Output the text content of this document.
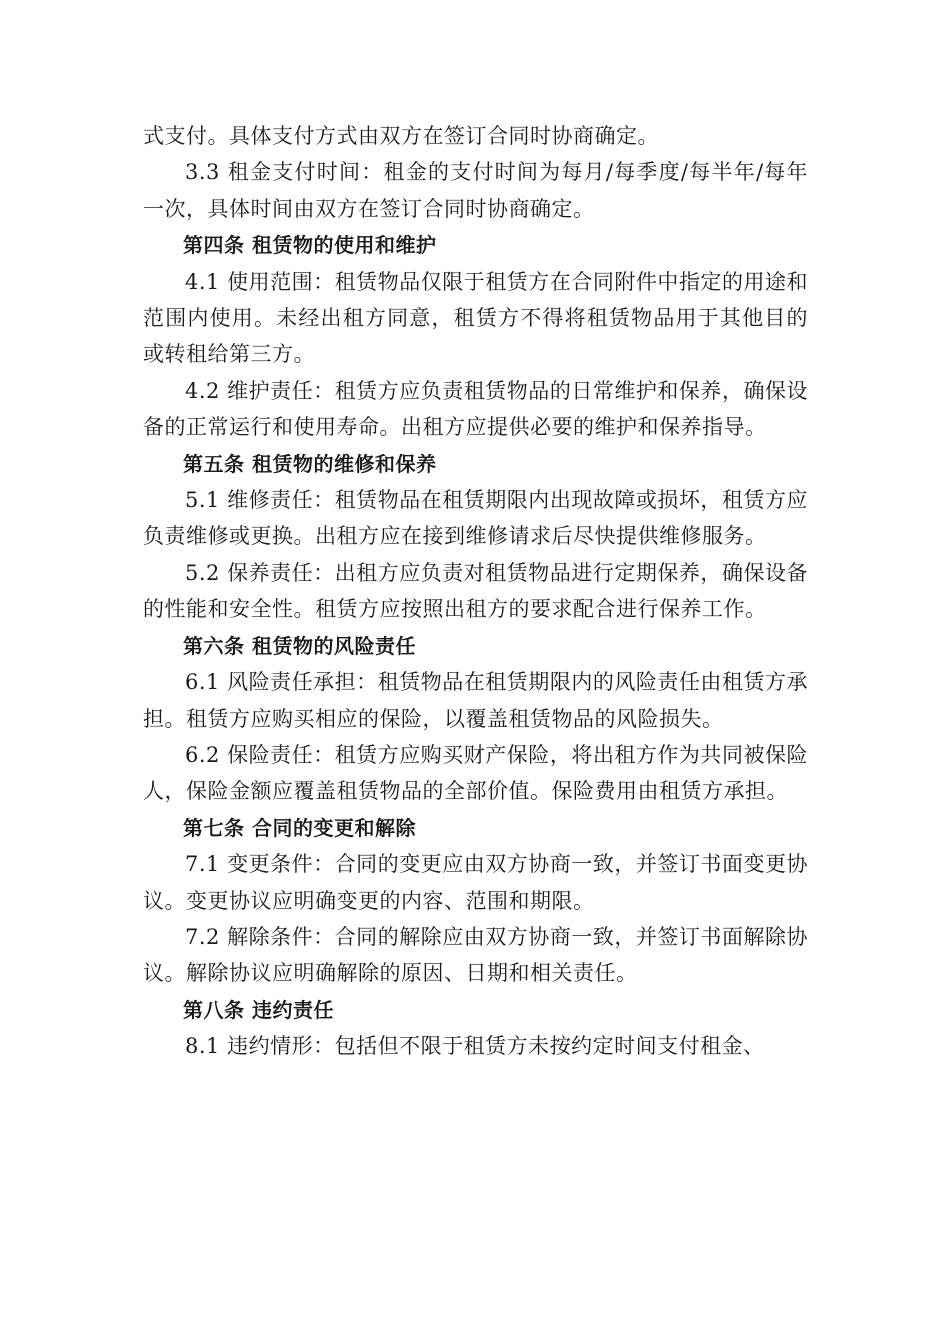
式支付。具体支付方式由双方在签订合同时协商确定。

3.3 租金支付时间：租金的支付时间为每月/每季度/每半年/每年一次，具体时间由双方在签订合同时协商确定。

第四条 租赁物的使用和维护

4.1 使用范围：租赁物品仅限于租赁方在合同附件中指定的用途和范围内使用。未经出租方同意，租赁方不得将租赁物品用于其他目的或转租给第三方。

4.2 维护责任：租赁方应负责租赁物品的日常维护和保养，确保设备的正常运行和使用寿命。出租方应提供必要的维护和保养指导。

第五条 租赁物的维修和保养

5.1 维修责任：租赁物品在租赁期限内出现故障或损坏，租赁方应负责维修或更换。出租方应在接到维修请求后尽快提供维修服务。

5.2 保养责任：出租方应负责对租赁物品进行定期保养，确保设备的性能和安全性。租赁方应按照出租方的要求配合进行保养工作。

第六条 租赁物的风险责任

6.1 风险责任承担：租赁物品在租赁期限内的风险责任由租赁方承担。租赁方应购买相应的保险，以覆盖租赁物品的风险损失。

6.2 保险责任：租赁方应购买财产保险，将出租方作为共同被保险人，保险金额应覆盖租赁物品的全部价值。保险费用由租赁方承担。

第七条 合同的变更和解除

7.1 变更条件：合同的变更应由双方协商一致，并签订书面变更协议。变更协议应明确变更的内容、范围和期限。

7.2 解除条件：合同的解除应由双方协商一致，并签订书面解除协议。解除协议应明确解除的原因、日期和相关责任。

第八条 违约责任

8.1 违约情形：包括但不限于租赁方未按约定时间支付租金、
